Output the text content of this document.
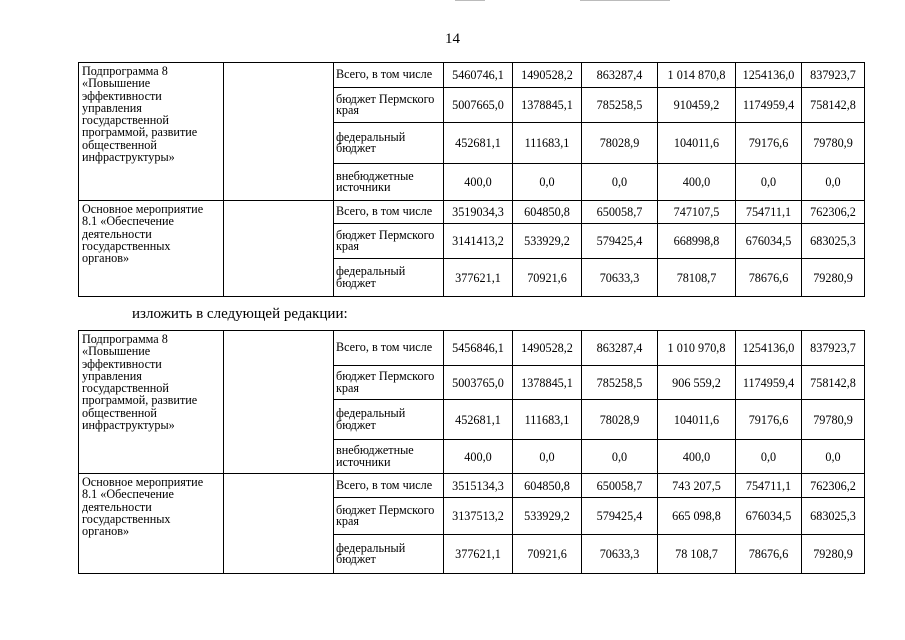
14
Подпрограмма 8 «Повышение эффективности управления государственной программой, развитие общественной инфраструктуры»		Всего, в том числе	5460746,1	1490528,2	863287,4	1 014 870,8	1254136,0	837923,7
		бюджет Пермского края	5007665,0	1378845,1	785258,5	910459,2	1174959,4	758142,8
		федеральный бюджет	452681,1	111683,1	78028,9	104011,6	79176,6	79780,9
		внебюджетные источники	400,0	0,0	0,0	400,0	0,0	0,0
Основное мероприятие 8.1 «Обеспечение деятельности государственных органов»		Всего, в том числе	3519034,3	604850,8	650058,7	747107,5	754711,1	762306,2
		бюджет Пермского края	3141413,2	533929,2	579425,4	668998,8	676034,5	683025,3
		федеральный бюджет	377621,1	70921,6	70633,3	78108,7	78676,6	79280,9
изложить в следующей редакции:
Подпрограмма 8 «Повышение эффективности управления государственной программой, развитие общественной инфраструктуры»		Всего, в том числе	5456846,1	1490528,2	863287,4	1 010 970,8	1254136,0	837923,7
		бюджет Пермского края	5003765,0	1378845,1	785258,5	906 559,2	1174959,4	758142,8
		федеральный бюджет	452681,1	111683,1	78028,9	104011,6	79176,6	79780,9
		внебюджетные источники	400,0	0,0	0,0	400,0	0,0	0,0
Основное мероприятие 8.1 «Обеспечение деятельности государственных органов»		Всего, в том числе	3515134,3	604850,8	650058,7	743 207,5	754711,1	762306,2
		бюджет Пермского края	3137513,2	533929,2	579425,4	665 098,8	676034,5	683025,3
		федеральный бюджет	377621,1	70921,6	70633,3	78 108,7	78676,6	79280,9
